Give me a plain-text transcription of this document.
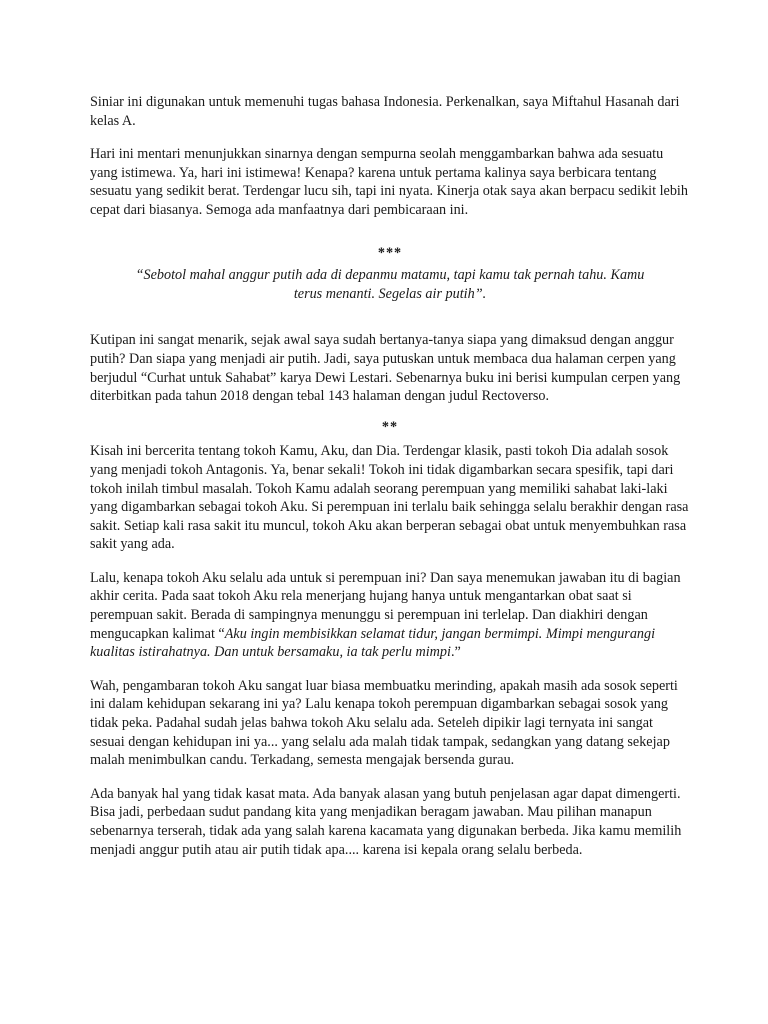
Siniar ini digunakan untuk memenuhi tugas bahasa Indonesia. Perkenalkan, saya Miftahul Hasanah dari kelas A.

Hari ini mentari menunjukkan sinarnya dengan sempurna seolah menggambarkan bahwa ada sesuatu yang istimewa. Ya, hari ini istimewa! Kenapa? karena untuk pertama kalinya saya berbicara tentang sesuatu yang sedikit berat. Terdengar lucu sih, tapi ini nyata. Kinerja otak saya akan berpacu sedikit lebih cepat dari biasanya. Semoga ada manfaatnya dari pembicaraan ini.

***

“Sebotol mahal anggur putih ada di depanmu matamu, tapi kamu tak pernah tahu. Kamu terus menanti. Segelas air putih”.

Kutipan ini sangat menarik, sejak awal saya sudah bertanya-tanya siapa yang dimaksud dengan anggur putih? Dan siapa yang menjadi air putih. Jadi, saya putuskan untuk membaca dua halaman cerpen yang berjudul “Curhat untuk Sahabat” karya Dewi Lestari. Sebenarnya buku ini berisi kumpulan cerpen yang diterbitkan pada tahun 2018 dengan tebal 143 halaman dengan judul Rectoverso.

**

Kisah ini bercerita tentang tokoh Kamu, Aku, dan Dia. Terdengar klasik, pasti tokoh Dia adalah sosok yang menjadi tokoh Antagonis. Ya, benar sekali! Tokoh ini tidak digambarkan secara spesifik, tapi dari tokoh inilah timbul masalah. Tokoh Kamu adalah seorang perempuan yang memiliki sahabat laki-laki yang digambarkan sebagai tokoh Aku. Si perempuan ini terlalu baik sehingga selalu berakhir dengan rasa sakit. Setiap kali rasa sakit itu muncul, tokoh Aku akan berperan sebagai obat untuk menyembuhkan rasa sakit yang ada.

Lalu, kenapa tokoh Aku selalu ada untuk si perempuan ini? Dan saya menemukan jawaban itu di bagian akhir cerita. Pada saat tokoh Aku rela menerjang hujang hanya untuk mengantarkan obat saat si perempuan sakit. Berada di sampingnya menunggu si perempuan ini terlelap. Dan diakhiri dengan mengucapkan kalimat “Aku ingin membisikkan selamat tidur, jangan bermimpi. Mimpi mengurangi kualitas istirahatnya. Dan untuk bersamaku, ia tak perlu mimpi.”

Wah, pengambaran tokoh Aku sangat luar biasa membuatku merinding, apakah masih ada sosok seperti ini dalam kehidupan sekarang ini ya? Lalu kenapa tokoh perempuan digambarkan sebagai sosok yang tidak peka. Padahal sudah jelas bahwa tokoh Aku selalu ada. Seteleh dipikir lagi ternyata ini sangat sesuai dengan kehidupan ini ya... yang selalu ada malah tidak tampak, sedangkan yang datang sekejap malah menimbulkan candu. Terkadang, semesta mengajak bersenda gurau.

Ada banyak hal yang tidak kasat mata. Ada banyak alasan yang butuh penjelasan agar dapat dimengerti. Bisa jadi, perbedaan sudut pandang kita yang menjadikan beragam jawaban. Mau pilihan manapun sebenarnya terserah, tidak ada yang salah karena kacamata yang digunakan berbeda. Jika kamu memilih menjadi anggur putih atau air putih tidak apa.... karena isi kepala orang selalu berbeda.
